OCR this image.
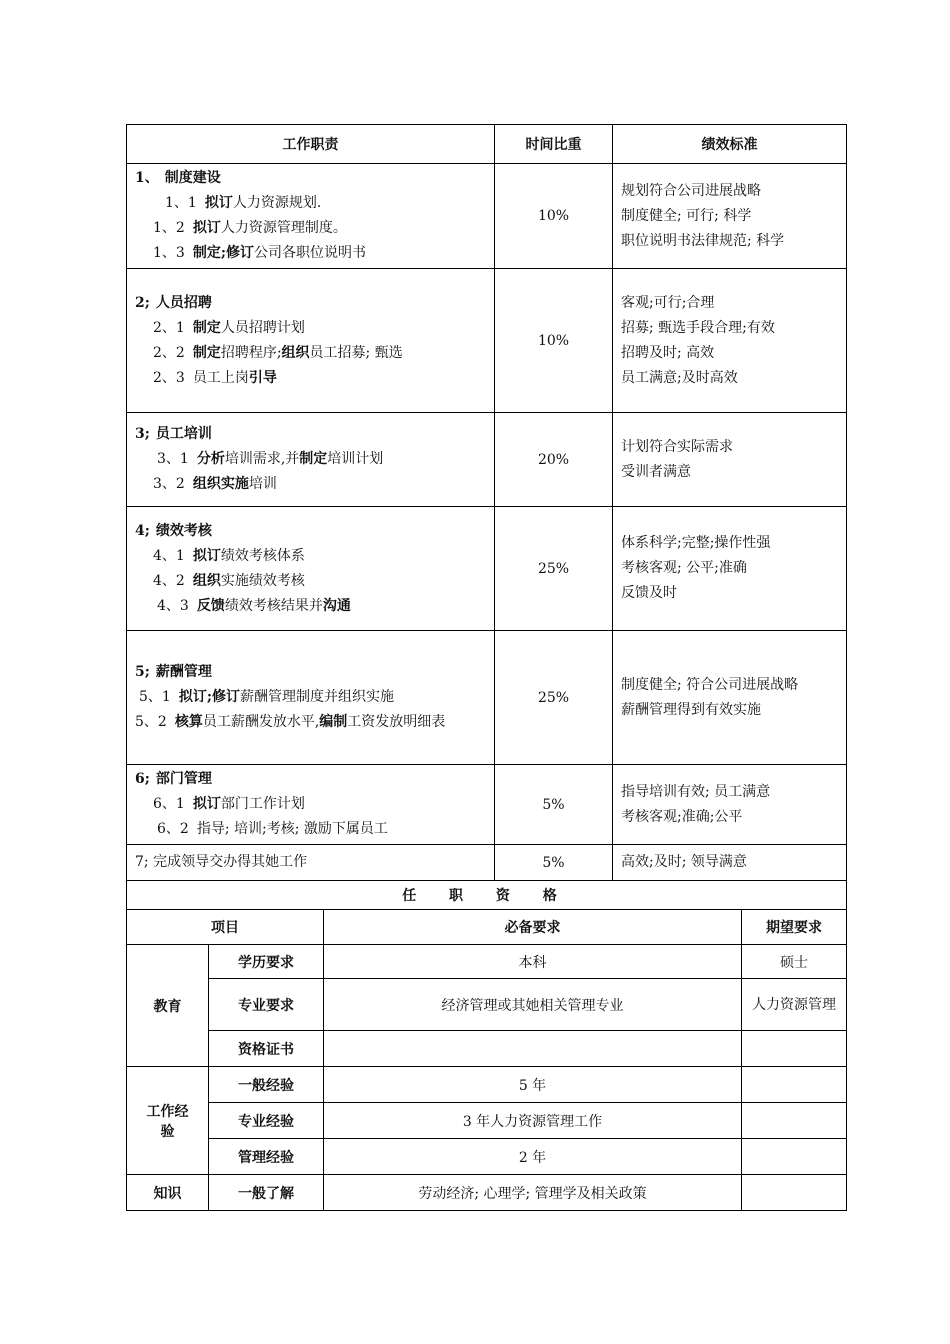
工作职责	时间比重	绩效标准

1、 制度建设
1、1 拟订人力资源规划.
1、2 拟订人力资源管理制度。
1、3 制定;修订公司各职位说明书	10%	规划符合公司进展战略
制度健全; 可行; 科学
职位说明书法律规范; 科学

2; 人员招聘
2、1 制定人员招聘计划
2、2 制定招聘程序;组织员工招募; 甄选
2、3 员工上岗引导	10%	客观;可行;合理
招募; 甄选手段合理;有效
招聘及时; 高效
员工满意;及时高效

3; 员工培训
3、1 分析培训需求,并制定培训计划
3、2 组织实施培训	20%	计划符合实际需求
受训者满意

4; 绩效考核
4、1 拟订绩效考核体系
4、2 组织实施绩效考核
4、3 反馈绩效考核结果并沟通	25%	体系科学;完整;操作性强
考核客观; 公平;准确
反馈及时

5; 薪酬管理
5、1 拟订;修订薪酬管理制度并组织实施
5、2 核算员工薪酬发放水平,编制工资发放明细表	25%	制度健全; 符合公司进展战略
薪酬管理得到有效实施

6; 部门管理
6、1 拟订部门工作计划
6、2 指导; 培训;考核; 激励下属员工	5%	指导培训有效; 员工满意
考核客观;准确;公平

7; 完成领导交办得其她工作	5%	高效;及时; 领导满意
任 职 资 格			
项目		必备要求	期望要求
教育	学历要求	本科	硕士
	专业要求	经济管理或其她相关管理专业	人力资源管理
	资格证书		
工作经验	一般经验	5 年	
	专业经验	3 年人力资源管理工作	
	管理经验	2 年	
知识	一般了解	劳动经济; 心理学; 管理学及相关政策	
